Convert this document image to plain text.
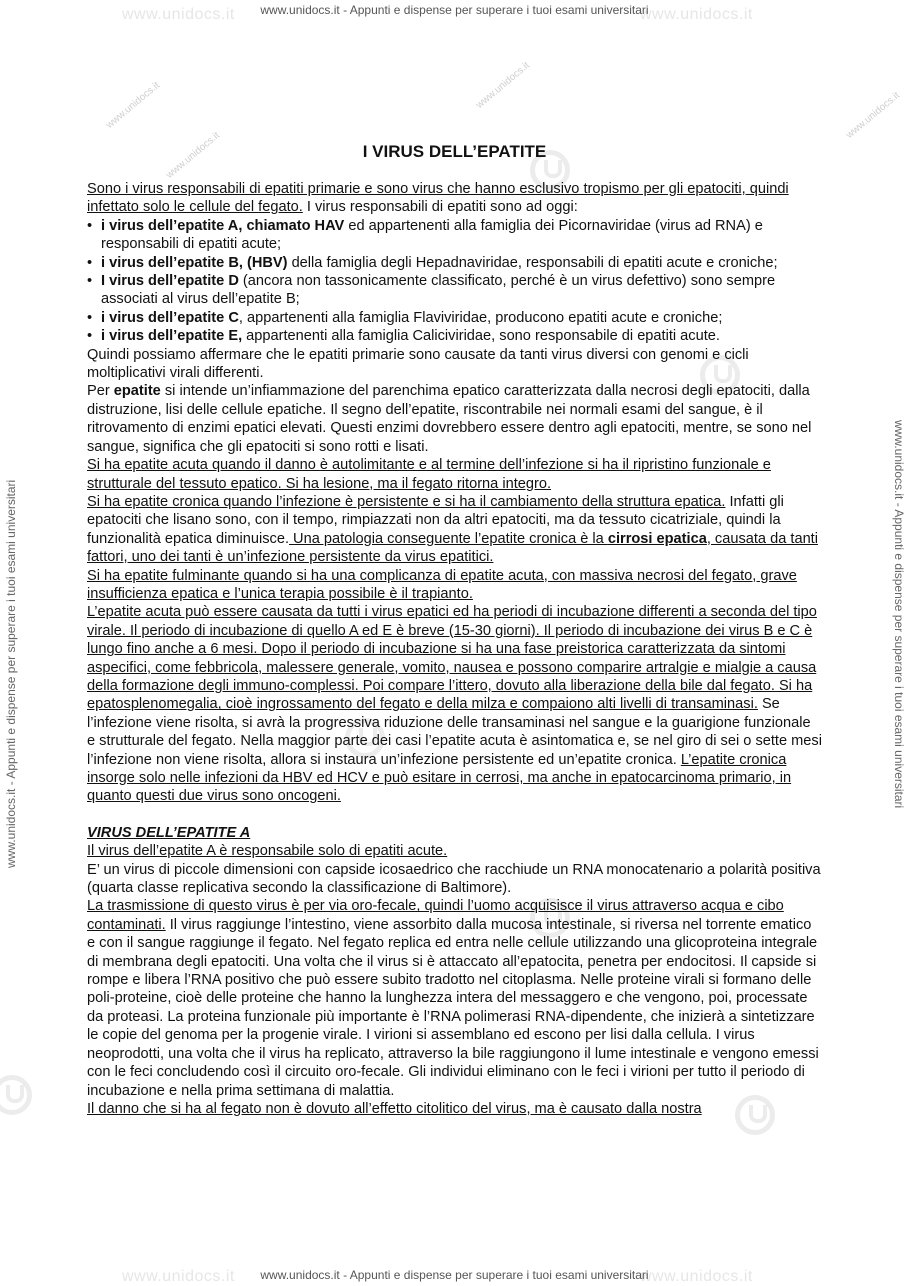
www.unidocs.it	www.unidocs.it
www.unidocs.it - Appunti e dispense per superare i tuoi esami universitari
www.unidocs.it	www.unidocs.it
www.unidocs.it - Appunti e dispense per superare i tuoi esami universitari
www.unidocs.it - Appunti e dispense per superare i tuoi esami universitari	www.unidocs.it - Appunti e dispense per superare i tuoi esami universitari
www.unidocs.it
www.unidocs.it
www.unidocs.it
www.unidocs.it
I VIRUS DELL’EPATITE

Sono i virus responsabili di epatiti primarie e sono virus che hanno esclusivo tropismo per gli epatociti, quindi infettato solo le cellule del fegato. I virus responsabili di epatiti sono ad oggi:

• i virus dell’epatite A, chiamato HAV ed appartenenti alla famiglia dei Picornaviridae (virus ad RNA) e responsabili di epatiti acute;
• i virus dell’epatite B, (HBV) della famiglia degli Hepadnaviridae, responsabili di epatiti acute e croniche;
• I virus dell’epatite D (ancora non tassonicamente classificato, perché è un virus defettivo) sono sempre associati al virus dell’epatite B;
• i virus dell’epatite C, appartenenti alla famiglia Flaviviridae, producono epatiti acute e croniche;
• i virus dell’epatite E, appartenenti alla famiglia Caliciviridae, sono responsabile di epatiti acute.

Quindi possiamo affermare che le epatiti primarie sono causate da tanti virus diversi con genomi e cicli moltiplicativi virali differenti.

Per epatite si intende un’infiammazione del parenchima epatico caratterizzata dalla necrosi degli epatociti, dalla distruzione, lisi delle cellule epatiche. Il segno dell’epatite, riscontrabile nei normali esami del sangue, è il ritrovamento di enzimi epatici elevati. Questi enzimi dovrebbero essere dentro agli epatociti, mentre, se sono nel sangue, significa che gli epatociti si sono rotti e lisati.

Si ha epatite acuta quando il danno è autolimitante e al termine dell’infezione si ha il ripristino funzionale e strutturale del tessuto epatico. Si ha lesione, ma il fegato ritorna integro.

Si ha epatite cronica quando l’infezione è persistente e si ha il cambiamento della struttura epatica. Infatti gli epatociti che lisano sono, con il tempo, rimpiazzati non da altri epatociti, ma da tessuto cicatriziale, quindi la funzionalità epatica diminuisce. Una patologia conseguente l’epatite cronica è la cirrosi epatica, causata da tanti fattori, uno dei tanti è un’infezione persistente da virus epatitici.

Si ha epatite fulminante quando si ha una complicanza di epatite acuta, con massiva necrosi del fegato, grave insufficienza epatica e l’unica terapia possibile è il trapianto.

L’epatite acuta può essere causata da tutti i virus epatici ed ha periodi di incubazione differenti a seconda del tipo virale. Il periodo di incubazione di quello A ed E è breve (15-30 giorni). Il periodo di incubazione dei virus B e C è lungo fino anche a 6 mesi. Dopo il periodo di incubazione si ha una fase preistorica caratterizzata da sintomi aspecifici, come febbricola, malessere generale, vomito, nausea e possono comparire artralgie e mialgie a causa della formazione degli immuno-complessi. Poi compare l’ittero, dovuto alla liberazione della bile dal fegato. Si ha epatosplenomegalia, cioè ingrossamento del fegato e della milza e compaiono alti livelli di transaminasi. Se l’infezione viene risolta, si avrà la progressiva riduzione delle transaminasi nel sangue e la guarigione funzionale e strutturale del fegato. Nella maggior parte dei casi l’epatite acuta è asintomatica e, se nel giro di sei o sette mesi l’infezione non viene risolta, allora si instaura un’infezione persistente ed un’epatite cronica. L’epatite cronica insorge solo nelle infezioni da HBV ed HCV e può esitare in cerrosi, ma anche in epatocarcinoma primario, in quanto questi due virus sono oncogeni.

VIRUS DELL’EPATITE A

Il virus dell’epatite A è responsabile solo di epatiti acute.

E’ un virus di piccole dimensioni con capside icosaedrico che racchiude un RNA monocatenario a polarità positiva (quarta classe replicativa secondo la classificazione di Baltimore).

La trasmissione di questo virus è per via oro-fecale, quindi l’uomo acquisisce il virus attraverso acqua e cibo contaminati. Il virus raggiunge l’intestino, viene assorbito dalla mucosa intestinale, si riversa nel torrente ematico e con il sangue raggiunge il fegato. Nel fegato replica ed entra nelle cellule utilizzando una glicoproteina integrale di membrana degli epatociti. Una volta che il virus si è attaccato all’epatocita, penetra per endocitosi. Il capside si rompe e libera l’RNA positivo che può essere subito tradotto nel citoplasma. Nelle proteine virali si formano delle poli-proteine, cioè delle proteine che hanno la lunghezza intera del messaggero e che vengono, poi, processate da proteasi. La proteina funzionale più importante è l’RNA polimerasi RNA-dipendente, che inizierà a sintetizzare le copie del genoma per la progenie virale. I virioni si assemblano ed escono per lisi dalla cellula. I virus neoprodotti, una volta che il virus ha replicato, attraverso la bile raggiungono il lume intestinale e vengono emessi con le feci concludendo così il circuito oro-fecale. Gli individui eliminano con le feci i virioni per tutto il periodo di incubazione e nella prima settimana di malattia.

Il danno che si ha al fegato non è dovuto all’effetto citolitico del virus, ma è causato dalla nostra
